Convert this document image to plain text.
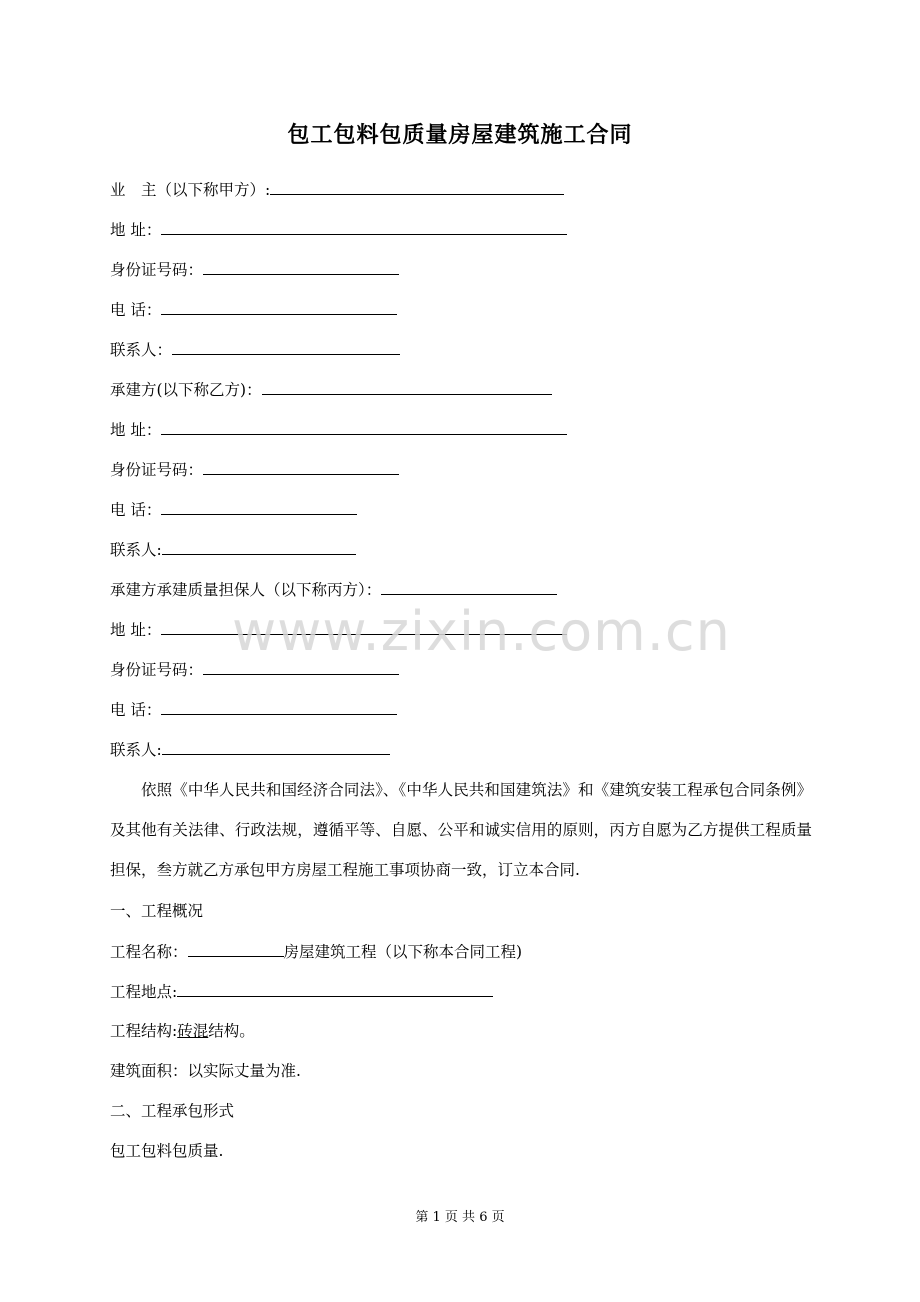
包工包料包质量房屋建筑施工合同
业　主（以下称甲方）:
地 址：
身份证号码：
电 话：
联系人：
承建方(以下称乙方)：
地 址：
身份证号码：
电 话：
联系人:
承建方承建质量担保人（以下称丙方）：
地 址：
身份证号码：
电 话：
联系人:
依照《中华人民共和国经济合同法》、《中华人民共和国建筑法》和《建筑安装工程承包合同条例》及其他有关法律、行政法规，遵循平等、自愿、公平和诚实信用的原则，丙方自愿为乙方提供工程质量担保，叁方就乙方承包甲方房屋工程施工事项协商一致，订立本合同.
一、工程概况
工程名称：	房屋建筑工程（以下称本合同工程)
工程地点:
工程结构:砖混结构。
建筑面积：以实际丈量为准.
二、工程承包形式
包工包料包质量.
www.zixin.com.cn
第 1 页 共 6 页
